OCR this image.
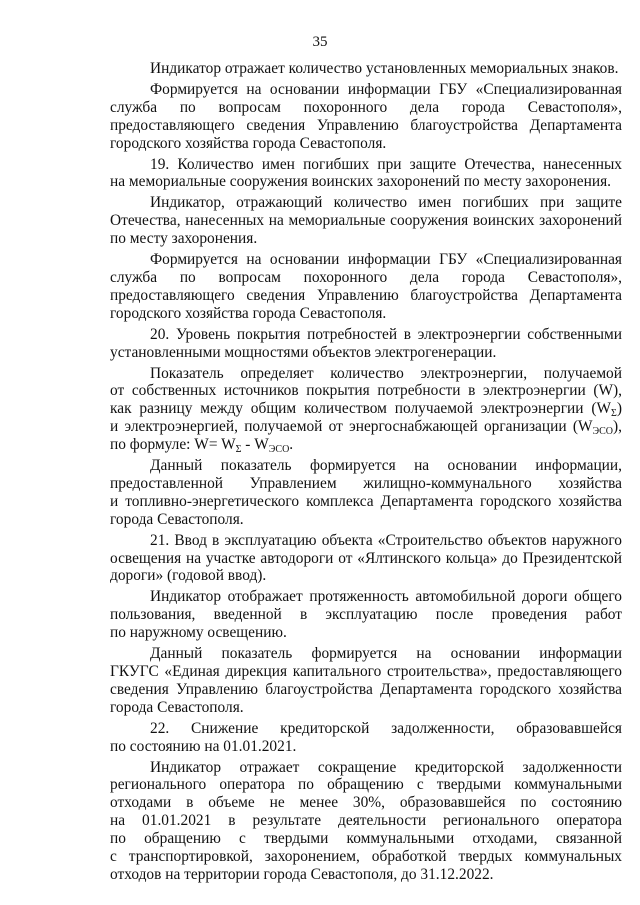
35

Индикатор отражает количество установленных мемориальных знаков.

Формируется на основании информации ГБУ «Специализированная
служба по вопросам похоронного дела города Севастополя»,
предоставляющего сведения Управлению благоустройства Департамента
городского хозяйства города Севастополя.
19. Количество имен погибших при защите Отечества, нанесенных
на мемориальные сооружения воинских захоронений по месту захоронения.
Индикатор, отражающий количество имен погибших при защите
Отечества, нанесенных на мемориальные сооружения воинских захоронений
по месту захоронения.
Формируется на основании информации ГБУ «Специализированная
служба по вопросам похоронного дела города Севастополя»,
предоставляющего сведения Управлению благоустройства Департамента
городского хозяйства города Севастополя.
20. Уровень покрытия потребностей в электроэнергии собственными
установленными мощностями объектов электрогенерации.
Показатель определяет количество электроэнергии, получаемой
от собственных источников покрытия потребности в электроэнергии (W),
как разницу между общим количеством получаемой электроэнергии $(W_\Sigma)$
и электроэнергией, получаемой от энергоснабжающей организации $(W_{ЭСО})$,
по формуле: $W= W_\Sigma - W_{ЭСО}$.
Данный показатель формируется на основании информации,
предоставленной Управлением жилищно-коммунального хозяйства
и топливно-энергетического комплекса Департамента городского хозяйства
города Севастополя.
21. Ввод в эксплуатацию объекта «Строительство объектов наружного
освещения на участке автодороги от «Ялтинского кольца» до Президентской
дороги» (годовой ввод).
Индикатор отображает протяженность автомобильной дороги общего
пользования, введенной в эксплуатацию после проведения работ
по наружному освещению.
Данный показатель формируется на основании информации
ГКУГС «Единая дирекция капитального строительства», предоставляющего
сведения Управлению благоустройства Департамента городского хозяйства
города Севастополя.
22. Снижение кредиторской задолженности, образовавшейся
по состоянию на 01.01.2021.
Индикатор отражает сокращение кредиторской задолженности
регионального оператора по обращению с твердыми коммунальными
отходами в объеме не менее 30%, образовавшейся по состоянию
на 01.01.2021 в результате деятельности регионального оператора
по обращению с твердыми коммунальными отходами, связанной
с транспортировкой, захоронением, обработкой твердых коммунальных
отходов на территории города Севастополя, до 31.12.2022.
